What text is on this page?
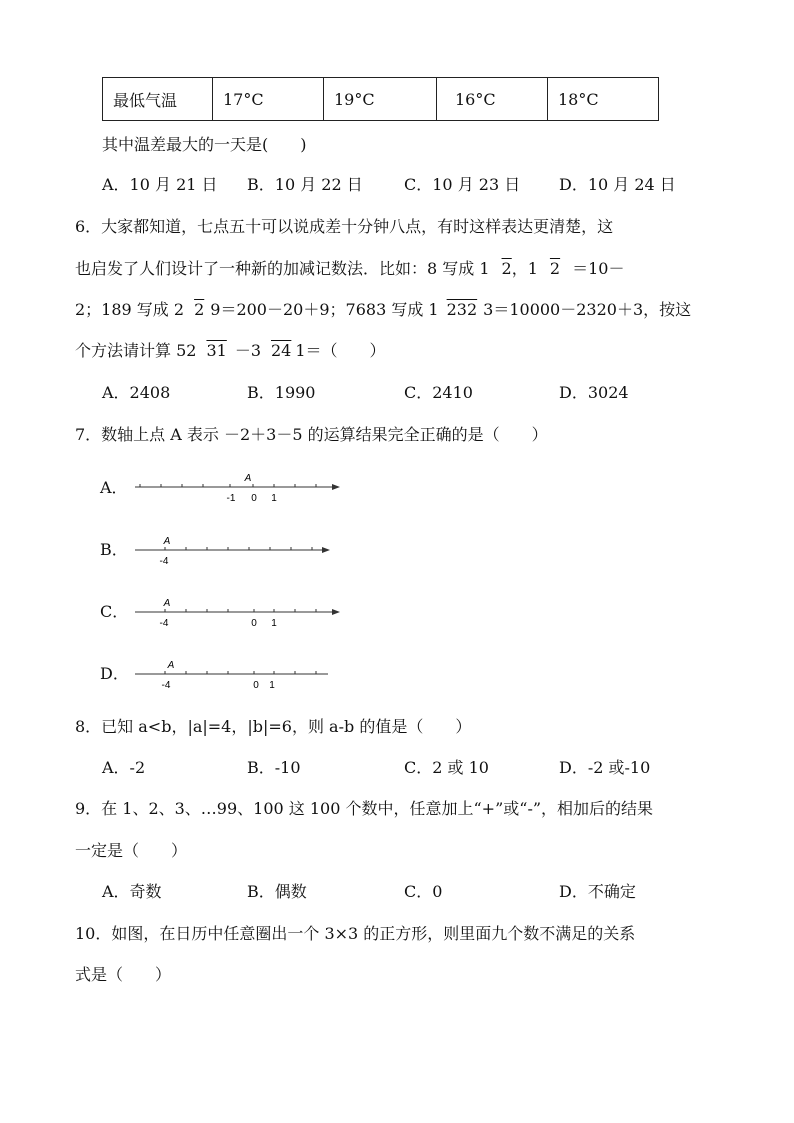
最低气温	17°C	19°C	16°C	18°C
其中温差最大的一天是(　　)
A．10 月 21 日 B．10 月 22 日	C．10 月 23 日 D．10 月 24 日
6．大家都知道，七点五十可以说成差十分钟八点，有时这样表达更清楚，这
也启发了人们设计了一种新的加减记数法．比如：8 写成 1 2，1 2 ＝10－
2；189 写成 2 2 9＝200－20＋9；7683 写成 1 232 3＝10000－2320＋3，按这
个方法请计算 52 31 －3 24 1＝（　　）
A．2408	B．1990	C．2410	D．3024
7．数轴上点 A 表示 －2＋3－5 的运算结果完全正确的是（　　）
A．	A
-1 0 1
B．	A
-4
C．	A
-4	0 1
D．	A
-4	0 1
8．已知 a<b，|a|=4，|b|=6，则 a-b 的值是（　　）
A．-2	B．-10	C．2 或 10	D．-2 或-10
9．在 1、2、3、…99、100 这 100 个数中，任意加上“+”或“-”，相加后的结果
一定是（　　）
A．奇数	B．偶数	C．0	D．不确定
10．如图，在日历中任意圈出一个 3×3 的正方形，则里面九个数不满足的关系
式是（　　）
